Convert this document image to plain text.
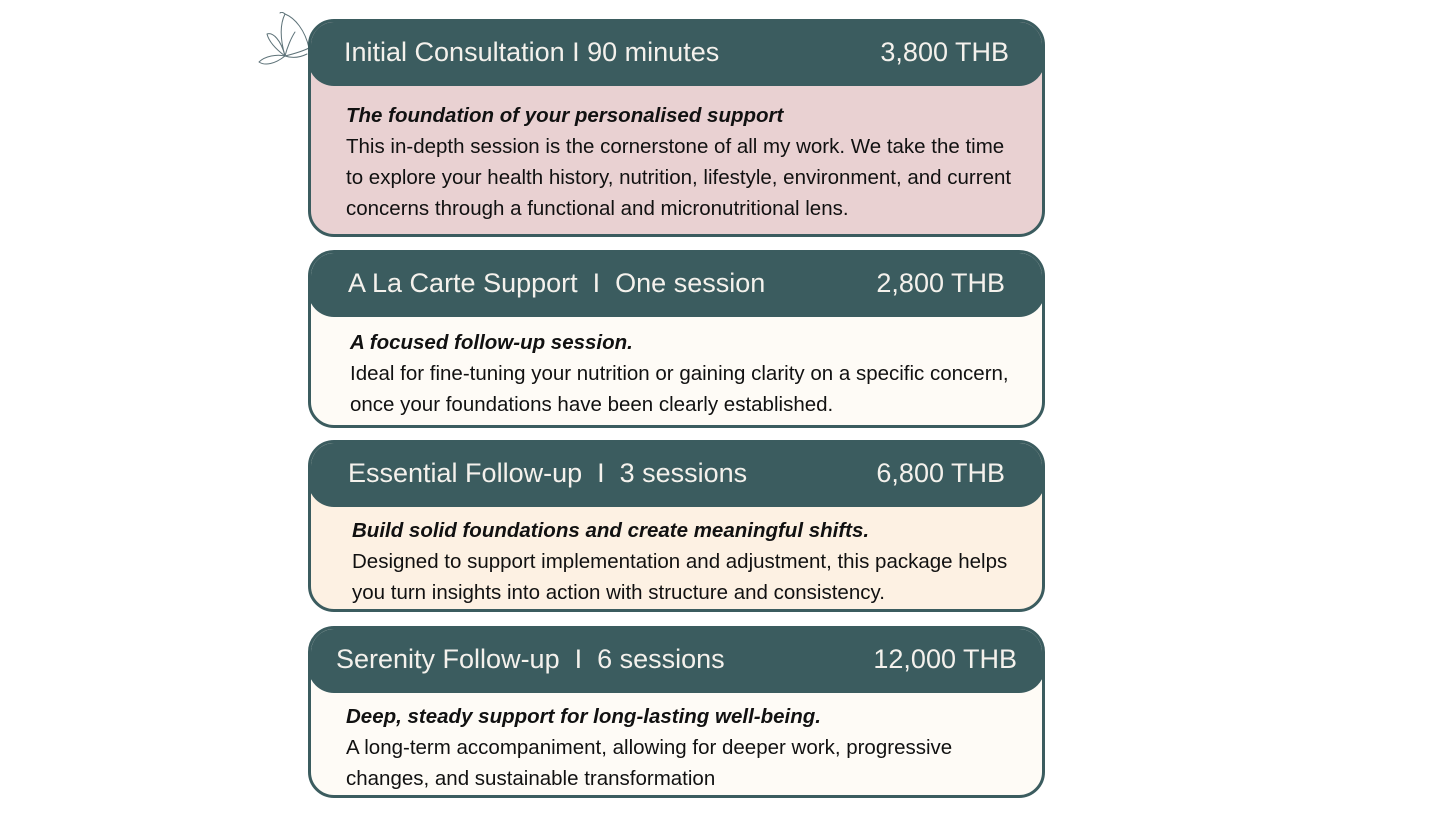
Initial Consultation I 90 minutes	3,800 THB
The foundation of your personalised support
This in-depth session is the cornerstone of all my work. We take the time to explore your health history, nutrition, lifestyle, environment, and current concerns through a functional and micronutritional lens.
A La Carte Support  I  One session	2,800 THB
A focused follow-up session.
Ideal for fine-tuning your nutrition or gaining clarity on a specific concern, once your foundations have been clearly established.
Essential Follow-up  I  3 sessions	6,800 THB
Build solid foundations and create meaningful shifts.
Designed to support implementation and adjustment, this package helps you turn insights into action with structure and consistency.
Serenity Follow-up  I  6 sessions	12,000 THB
Deep, steady support for long-lasting well-being.
A long-term accompaniment, allowing for deeper work, progressive changes, and sustainable transformation
